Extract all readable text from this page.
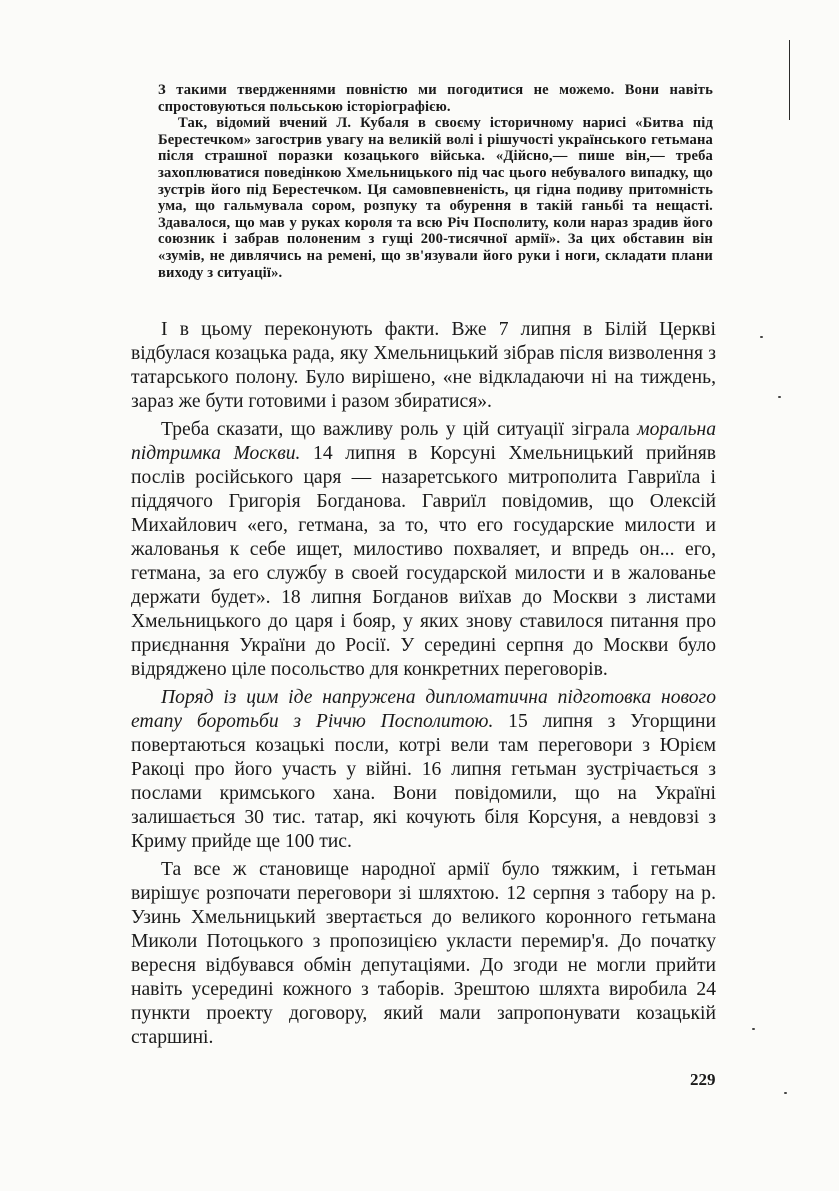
З такими твердженнями повністю ми погодитися не можемо. Вони навіть спростовуються польською історіографією.

Так, відомий вчений Л. Кубаля в своєму історичному нарисі «Битва під Берестечком» загострив увагу на великій волі і рішучості українського гетьмана після страшної поразки козацького війська. «Дійсно,— пише він,— треба захоплюватися поведінкою Хмельницького під час цього небувалого випадку, що зустрів його під Берестечком. Ця самовпевненість, ця гідна подиву притомність ума, що гальмувала сором, розпуку та обурення в такій ганьбі та нещасті. Здавалося, що мав у руках короля та всю Річ Посполиту, коли нараз зрадив його союзник і забрав полоненим з гущі 200-тисячної армії». За цих обставин він «зумів, не дивлячись на ремені, що зв'язували його руки і ноги, складати плани виходу з ситуації».

І в цьому переконують факти. Вже 7 липня в Білій Церкві відбулася козацька рада, яку Хмельницький зібрав після визволення з татарського полону. Було вирішено, «не відкладаючи ні на тиждень, зараз же бути готовими і разом збиратися».

Треба сказати, що важливу роль у цій ситуації зіграла моральна підтримка Москви. 14 липня в Корсуні Хмельницький прийняв послів російського царя — назаретського митрополита Гавриїла і піддячого Григорія Богданова. Гавриїл повідомив, що Олексій Михайлович «его, гетмана, за то, что его государские милости и жалованья к себе ищет, милостиво похваляет, и впредь он... его, гетмана, за его службу в своей государской милости и в жалованье держати будет». 18 липня Богданов виїхав до Москви з листами Хмельницького до царя і бояр, у яких знову ставилося питання про приєднання України до Росії. У середині серпня до Москви було відряджено ціле посольство для конкретних переговорів.

Поряд із цим іде напружена дипломатична підготовка нового етапу боротьби з Річчю Посполитою. 15 липня з Угорщини повертаються козацькі посли, котрі вели там переговори з Юрієм Ракоці про його участь у війні. 16 липня гетьман зустрічається з послами кримського хана. Вони повідомили, що на Україні залишається 30 тис. татар, які кочують біля Корсуня, а невдовзі з Криму прийде ще 100 тис.

Та все ж становище народної армії було тяжким, і гетьман вирішує розпочати переговори зі шляхтою. 12 серпня з табору на р. Узинь Хмельницький звертається до великого коронного гетьмана Миколи Потоцького з пропозицією укласти перемир'я. До початку вересня відбувався обмін депутаціями. До згоди не могли прийти навіть усередині кожного з таборів. Зрештою шляхта виробила 24 пункти проекту договору, який мали запропонувати козацькій старшині.

229
